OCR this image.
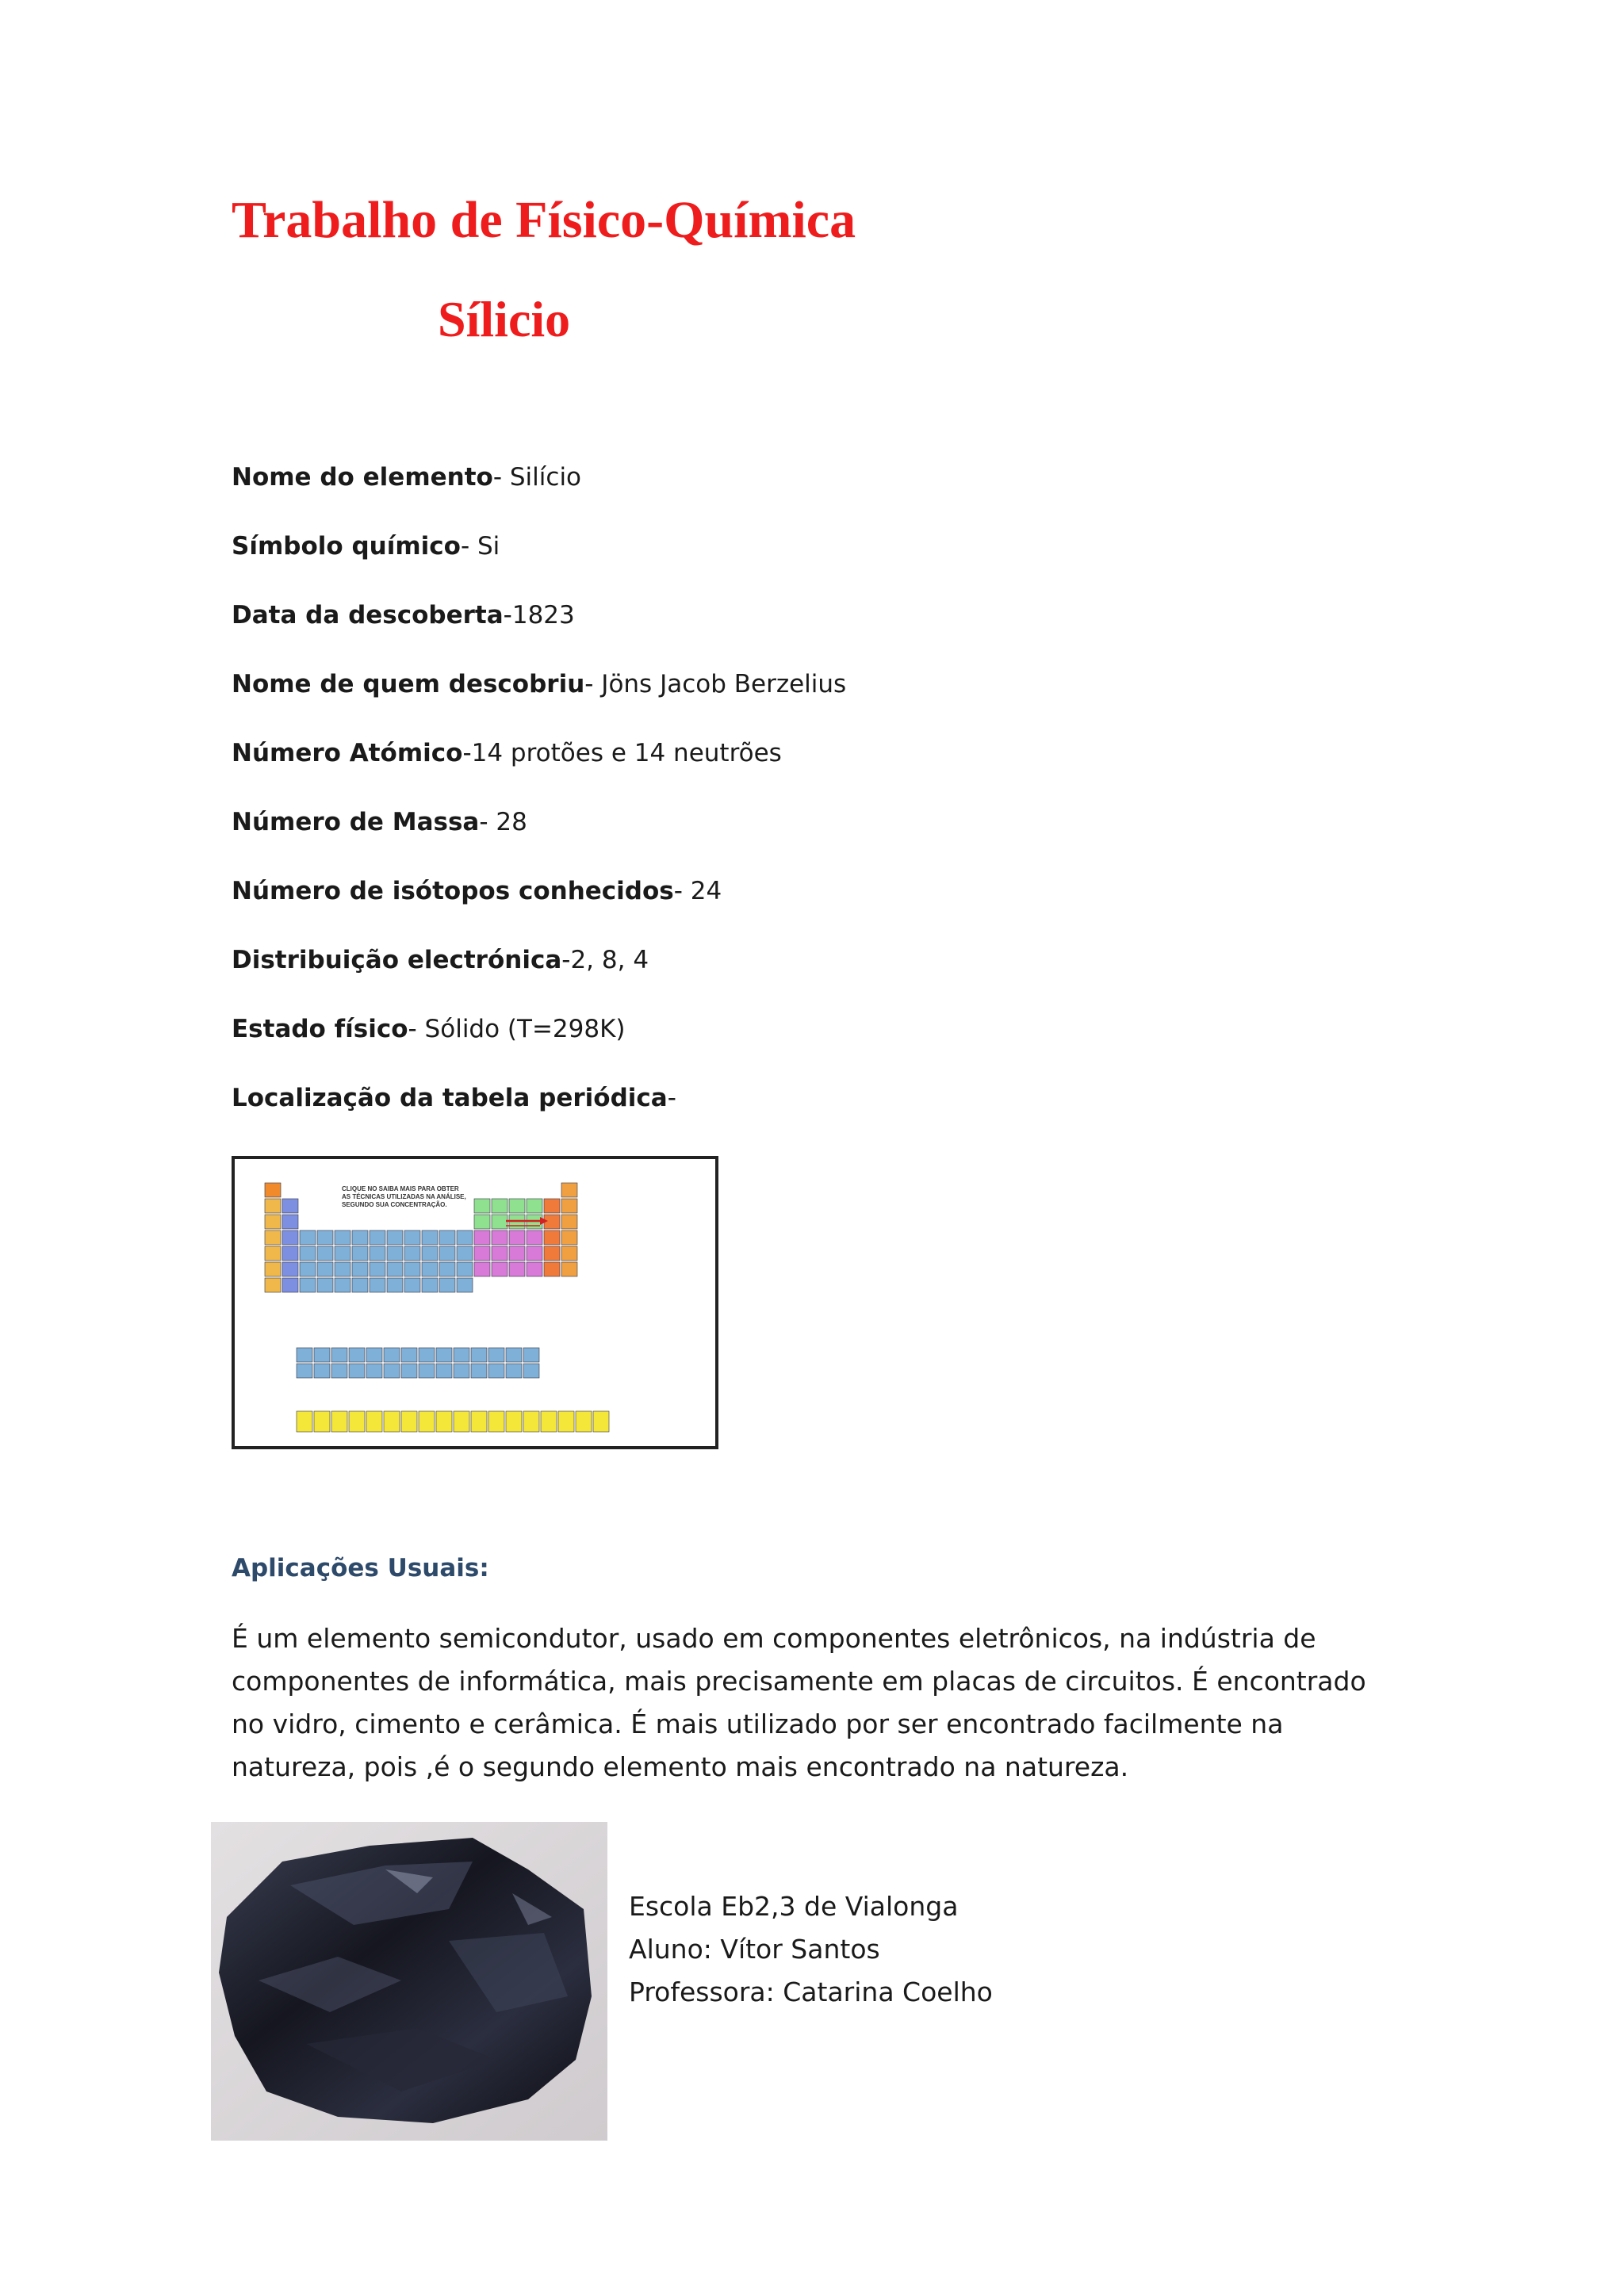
Trabalho de Físico-Química
Sílicio
Nome do elemento- Silício
Símbolo químico- Si
Data da descoberta-1823
Nome de quem descobriu- Jöns Jacob Berzelius
Número Atómico-14 protões e 14 neutrões
Número de Massa- 28
Número de isótopos conhecidos- 24
Distribuição electrónica-2, 8, 4
Estado físico- Sólido (T=298K)
Localização da tabela periódica-
CLIQUE NO SAIBA MAIS PARA OBTER
AS TÉCNICAS UTILIZADAS NA ANÁLISE,
SEGUNDO SUA CONCENTRAÇÃO.
Aplicações Usuais:

É um elemento semicondutor, usado em componentes eletrônicos, na indústria de componentes de informática, mais precisamente em placas de circuitos. É encontrado no vidro, cimento e cerâmica. É mais utilizado por ser encontrado facilmente na natureza, pois ,é o segundo elemento mais encontrado na natureza.

Escola Eb2,3 de Vialonga
Aluno: Vítor Santos
Professora: Catarina Coelho
